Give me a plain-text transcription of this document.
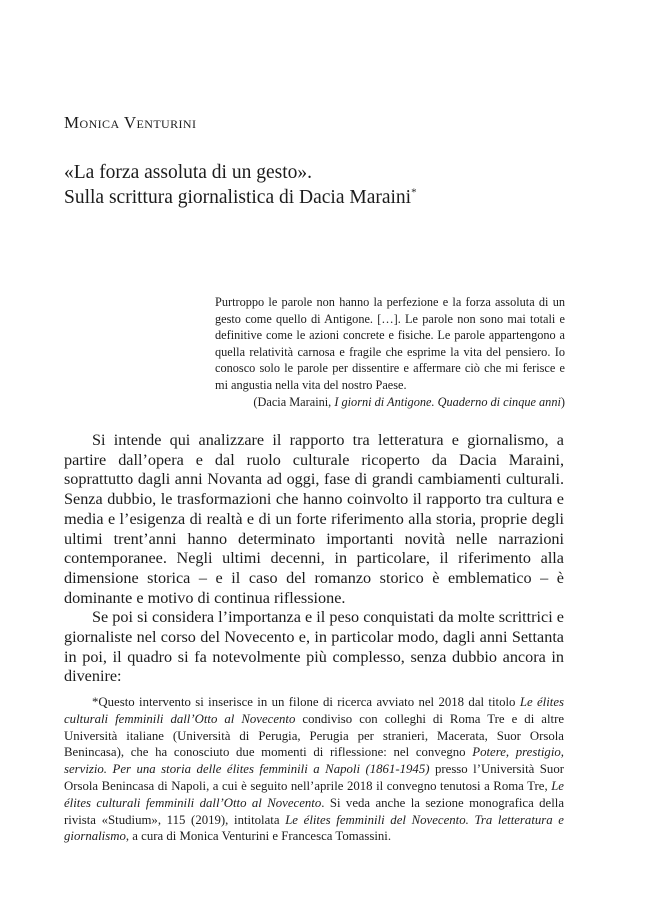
Monica Venturini
«La forza assoluta di un gesto».
Sulla scrittura giornalistica di Dacia Maraini*
Purtroppo le parole non hanno la perfezione e la forza assoluta di un gesto come quello di Antigone. […]. Le parole non sono mai totali e definitive come le azioni concrete e fisiche. Le parole appartengono a quella relatività carnosa e fragile che esprime la vita del pensiero. Io conosco solo le parole per dissentire e affermare ciò che mi ferisce e mi angustia nella vita del nostro Paese.
(Dacia Maraini, I giorni di Antigone. Quaderno di cinque anni)

Si intende qui analizzare il rapporto tra letteratura e giornalismo, a partire dall’opera e dal ruolo culturale ricoperto da Dacia Maraini, soprattutto dagli anni Novanta ad oggi, fase di grandi cambiamenti culturali. Senza dubbio, le trasformazioni che hanno coinvolto il rapporto tra cultura e media e l’esigenza di realtà e di un forte riferimento alla storia, proprie degli ultimi trent’anni hanno determinato importanti novità nelle narrazioni contemporanee. Negli ultimi decenni, in particolare, il riferimento alla dimensione storica – e il caso del romanzo storico è emblematico – è dominante e motivo di continua riflessione.

Se poi si considera l’importanza e il peso conquistati da molte scrittrici e giornaliste nel corso del Novecento e, in particolar modo, dagli anni Settanta in poi, il quadro si fa notevolmente più complesso, senza dubbio ancora in divenire:

*Questo intervento si inserisce in un filone di ricerca avviato nel 2018 dal titolo Le élites culturali femminili dall’Otto al Novecento condiviso con colleghi di Roma Tre e di altre Università italiane (Università di Perugia, Perugia per stranieri, Macerata, Suor Orsola Benincasa), che ha conosciuto due momenti di riflessione: nel convegno Potere, prestigio, servizio. Per una storia delle élites femminili a Napoli (1861-1945) presso l’Università Suor Orsola Benincasa di Napoli, a cui è seguito nell’aprile 2018 il convegno tenutosi a Roma Tre, Le élites culturali femminili dall’Otto al Novecento. Si veda anche la sezione monografica della rivista «Studium», 115 (2019), intitolata Le élites femminili del Novecento. Tra letteratura e giornalismo, a cura di Monica Venturini e Francesca Tomassini.
